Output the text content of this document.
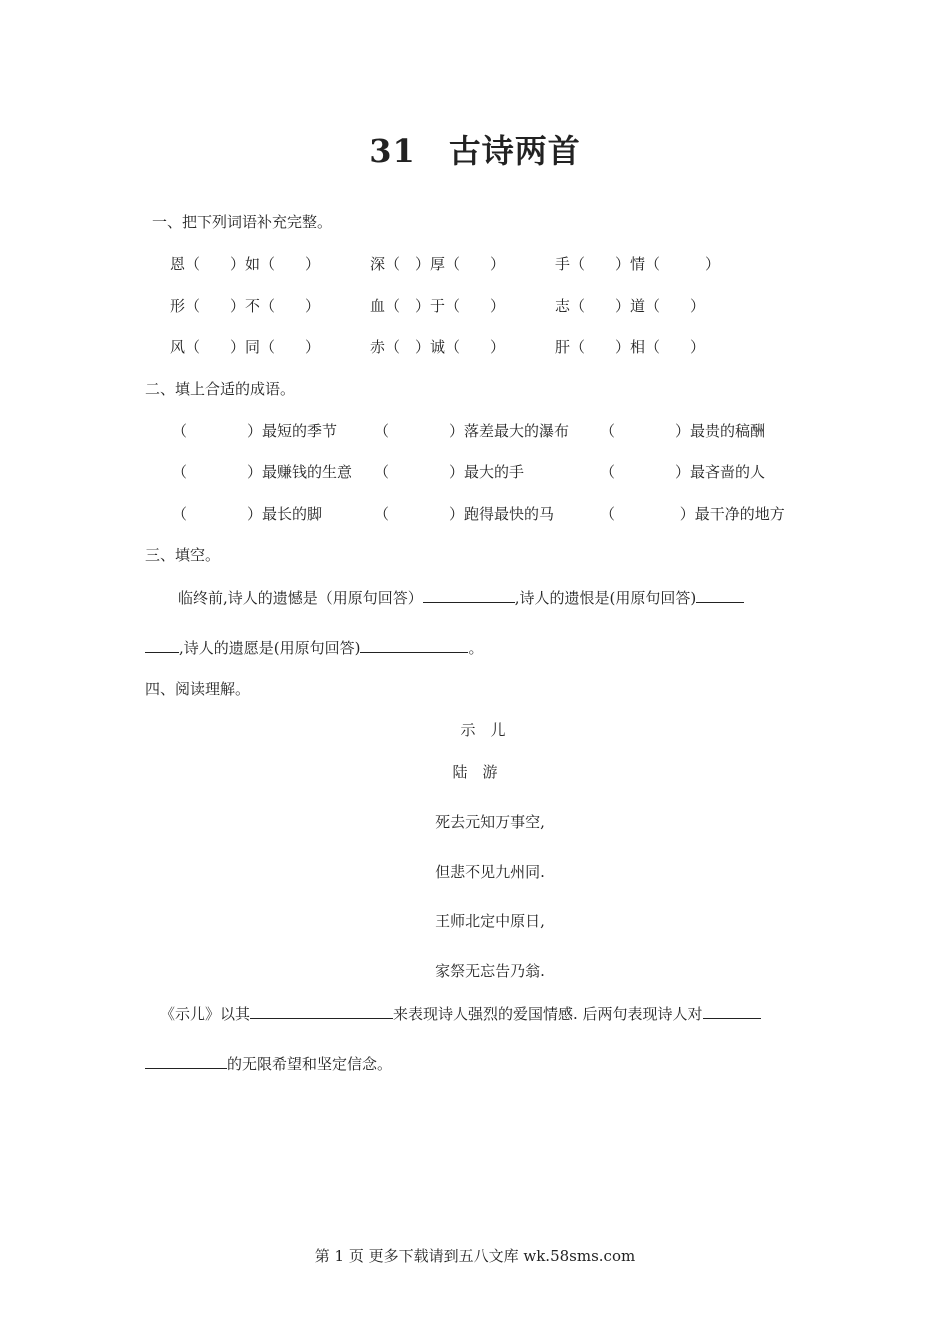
31　古诗两首
一、把下列词语补充完整。
恩（　　）如（　　）	深（　）厚（　　）	手（　　）情（　　　）
形（　　）不（　　）	血（　）于（　　）	志（　　）道（　　）
风（　　）同（　　）	赤（　）诚（　　）	肝（　　）相（　　）
二、填上合适的成语。
（　　　　）最短的季节 （　　　　）落差最大的瀑布 （　　　　）最贵的稿酬
（　　　　）最赚钱的生意 （　　　　）最大的手	（　　　　）最吝啬的人
（　　　　）最长的脚	（　　　　）跑得最快的马	（　　　　 ）最干净的地方
三、填空。
临终前,诗人的遗憾是（用原句回答）	,诗人的遗恨是(用原句回答)
,诗人的遗愿是(用原句回答)	。
四、阅读理解。
示　儿
陆　游
死去元知万事空,
但悲不见九州同.
王师北定中原日,
家祭无忘告乃翁.
《示儿》以其	来表现诗人强烈的爱国情感. 后两句表现诗人对
的无限希望和坚定信念。
第 1 页 更多下载请到五八文库 wk.58sms.com
